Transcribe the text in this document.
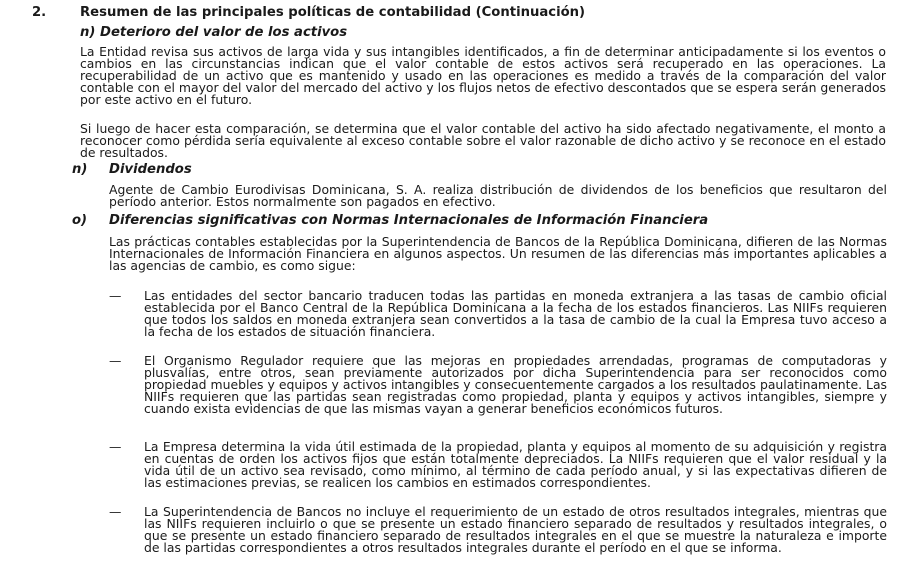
2.	Resumen de las principales políticas de contabilidad (Continuación)
n) Deterioro del valor de los activos

La Entidad revisa sus activos de larga vida y sus intangibles identificados, a fin de determinar anticipadamente si los eventos o cambios en las circunstancias indican que el valor contable de estos activos será recuperado en las operaciones. La recuperabilidad de un activo que es mantenido y usado en las operaciones es medido a través de la comparación del valor contable con el mayor del valor del mercado del activo y los flujos netos de efectivo descontados que se espera serán generados por este activo en el futuro.

Si luego de hacer esta comparación, se determina que el valor contable del activo ha sido afectado negativamente, el monto a reconocer como pérdida sería equivalente al exceso contable sobre el valor razonable de dicho activo y se reconoce en el estado de resultados.

n) Dividendos

Agente de Cambio Eurodivisas Dominicana, S. A. realiza distribución de dividendos de los beneficios que resultaron del período anterior. Estos normalmente son pagados en efectivo.

o) Diferencias significativas con Normas Internacionales de Información Financiera

Las prácticas contables establecidas por la Superintendencia de Bancos de la República Dominicana, difieren de las Normas Internacionales de Información Financiera en algunos aspectos. Un resumen de las diferencias más importantes aplicables a las agencias de cambio, es como sigue:

— Las entidades del sector bancario traducen todas las partidas en moneda extranjera a las tasas de cambio oficial establecida por el Banco Central de la República Dominicana a la fecha de los estados financieros. Las NIIFs requieren que todos los saldos en moneda extranjera sean convertidos a la tasa de cambio de la cual la Empresa tuvo acceso a la fecha de los estados de situación financiera.

— El Organismo Regulador requiere que las mejoras en propiedades arrendadas, programas de computadoras y plusvalías, entre otros, sean previamente autorizados por dicha Superintendencia para ser reconocidos como propiedad muebles y equipos y activos intangibles y consecuentemente cargados a los resultados paulatinamente. Las NIIFs requieren que las partidas sean registradas como propiedad, planta y equipos y activos intangibles, siempre y cuando exista evidencias de que las mismas vayan a generar beneficios económicos futuros.

— La Empresa determina la vida útil estimada de la propiedad, planta y equipos al momento de su adquisición y registra en cuentas de orden los activos fijos que están totalmente depreciados. La NIIFs requieren que el valor residual y la vida útil de un activo sea revisado, como mínimo, al término de cada período anual, y si las expectativas difieren de las estimaciones previas, se realicen los cambios en estimados correspondientes.

— La Superintendencia de Bancos no incluye el requerimiento de un estado de otros resultados integrales, mientras que las NIIFs requieren incluirlo o que se presente un estado financiero separado de resultados y resultados integrales, o que se presente un estado financiero separado de resultados integrales en el que se muestre la naturaleza e importe de las partidas correspondientes a otros resultados integrales durante el período en el que se informa.
